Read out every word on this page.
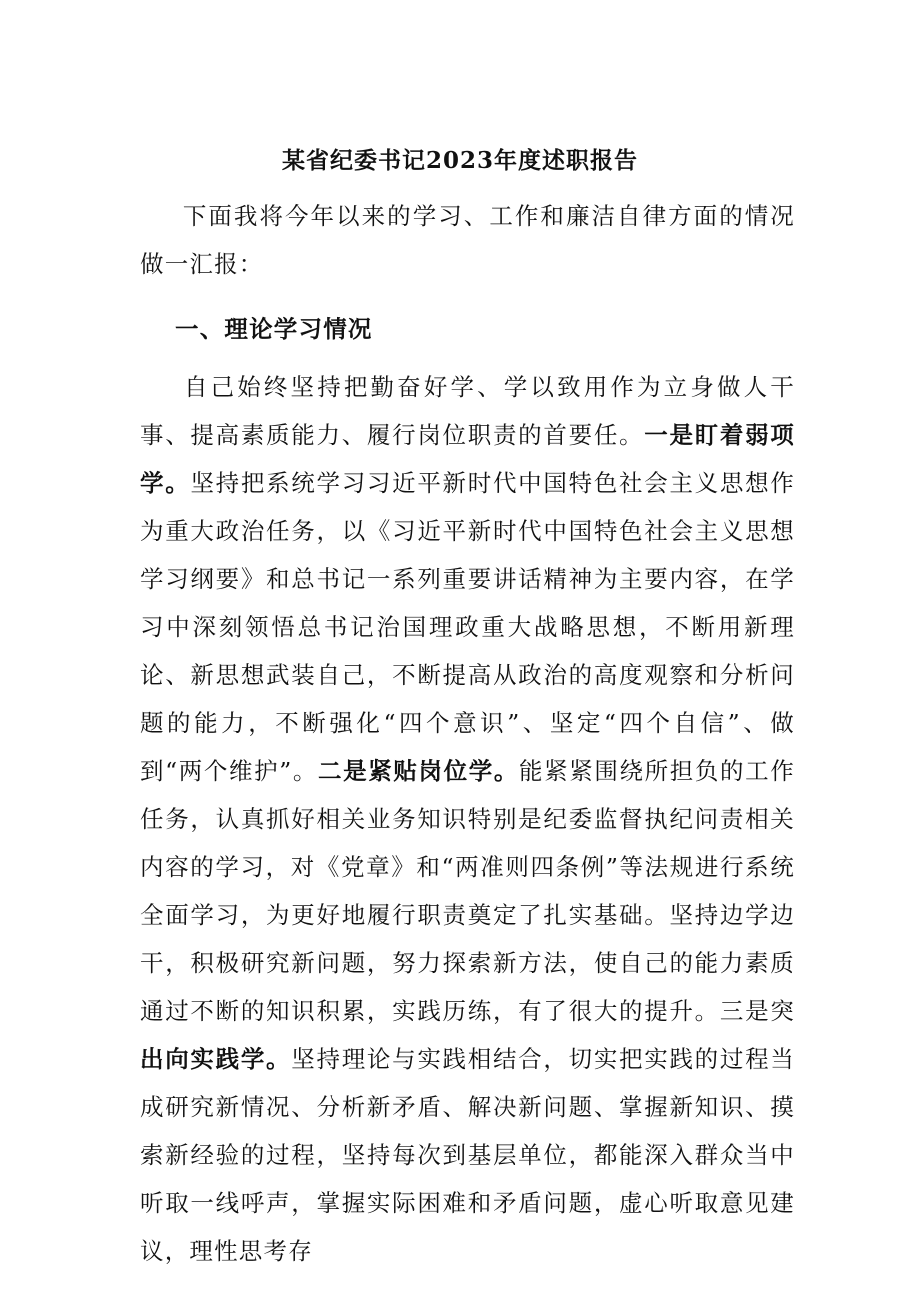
某省纪委书记2023年度述职报告
下面我将今年以来的学习、工作和廉洁自律方面的情况做一汇报：
一、理论学习情况
自己始终坚持把勤奋好学、学以致用作为立身做人干事、提高素质能力、履行岗位职责的首要任。一是盯着弱项学。坚持把系统学习习近平新时代中国特色社会主义思想作为重大政治任务，以《习近平新时代中国特色社会主义思想学习纲要》和总书记一系列重要讲话精神为主要内容，在学习中深刻领悟总书记治国理政重大战略思想，不断用新理论、新思想武装自己，不断提高从政治的高度观察和分析问题的能力，不断强化“四个意识”、坚定“四个自信”、做到“两个维护”。二是紧贴岗位学。能紧紧围绕所担负的工作任务，认真抓好相关业务知识特别是纪委监督执纪问责相关内容的学习，对《党章》和“两准则四条例”等法规进行系统全面学习，为更好地履行职责奠定了扎实基础。坚持边学边干，积极研究新问题，努力探索新方法，使自己的能力素质通过不断的知识积累，实践历练，有了很大的提升。三是突出向实践学。坚持理论与实践相结合，切实把实践的过程当成研究新情况、分析新矛盾、解决新问题、掌握新知识、摸索新经验的过程，坚持每次到基层单位，都能深入群众当中听取一线呼声，掌握实际困难和矛盾问题，虚心听取意见建议，理性思考存
